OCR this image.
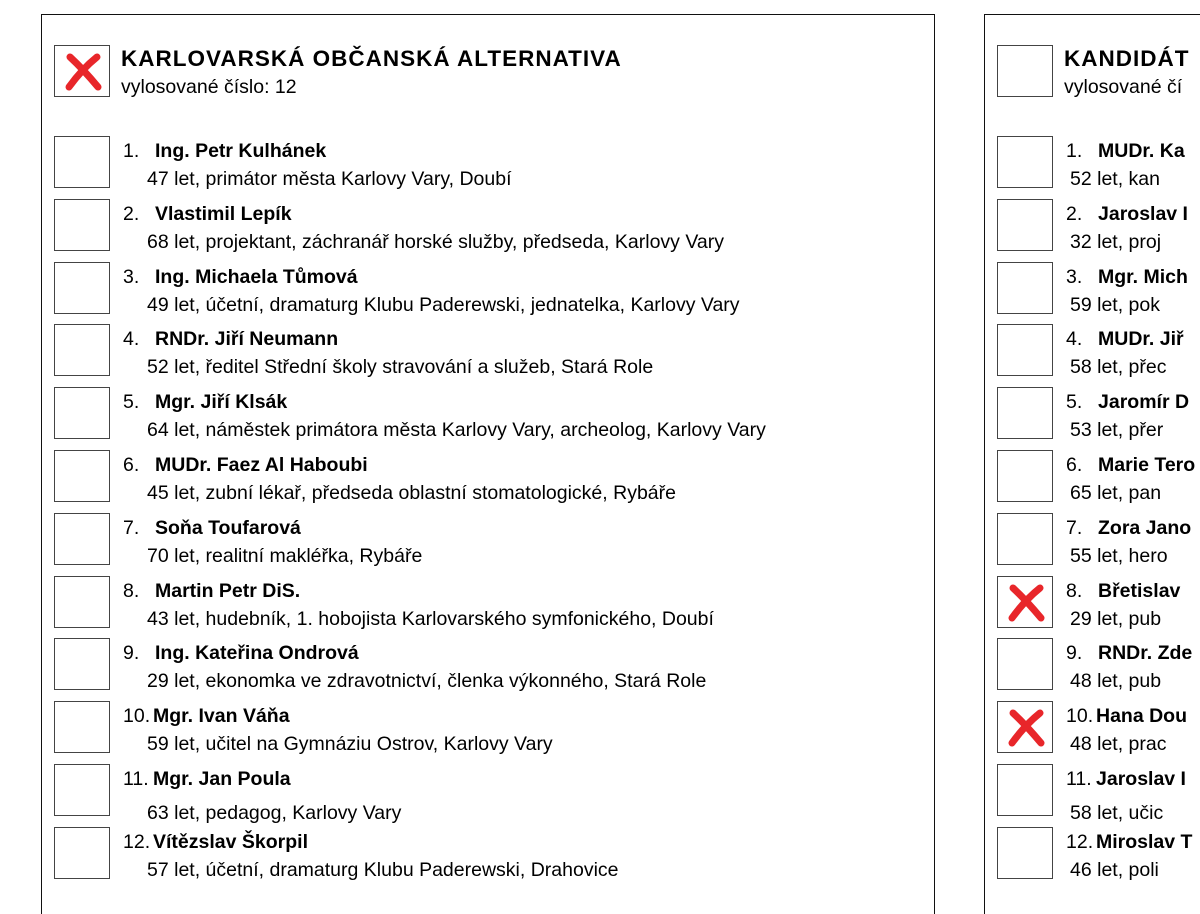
KARLOVARSKÁ OBČANSKÁ ALTERNATIVA
vylosované číslo: 12
1. Ing. Petr Kulhánek
47 let, primátor města Karlovy Vary, Doubí
2. Vlastimil Lepík
68 let, projektant, záchranář horské služby, předseda, Karlovy Vary
3. Ing. Michaela Tůmová
49 let, účetní, dramaturg Klubu Paderewski, jednatelka, Karlovy Vary
4. RNDr. Jiří Neumann
52 let, ředitel Střední školy stravování a služeb, Stará Role
5. Mgr. Jiří Klsák
64 let, náměstek primátora města Karlovy Vary, archeolog, Karlovy Vary
6. MUDr. Faez Al Haboubi
45 let, zubní lékař, předseda oblastní stomatologické, Rybáře
7. Soňa Toufarová
70 let, realitní makléřka, Rybáře
8. Martin Petr DiS.
43 let, hudebník, 1. hobojista Karlovarského symfonického, Doubí
9. Ing. Kateřina Ondrová
29 let, ekonomka ve zdravotnictví, členka výkonného, Stará Role
10. Mgr. Ivan Váňa
59 let, učitel na Gymnáziu Ostrov, Karlovy Vary
11. Mgr. Jan Poula
63 let, pedagog, Karlovy Vary
12. Vítězslav Škorpil
57 let, účetní, dramaturg Klubu Paderewski, Drahovice
KANDIDÁT
vylosované čí
1. MUDr. Ka
52 let, kan
2. Jaroslav I
32 let, proj
3. Mgr. Mich
59 let, pok
4. MUDr. Jiř
58 let, přec
5. Jaromír D
53 let, přer
6. Marie Tero
65 let, pan
7. Zora Jano
55 let, hero
8. Břetislav
29 let, pub
9. RNDr. Zde
48 let, pub
10. Hana Dou
48 let, prac
11. Jaroslav I
58 let, učic
12. Miroslav T
46 let, poli
